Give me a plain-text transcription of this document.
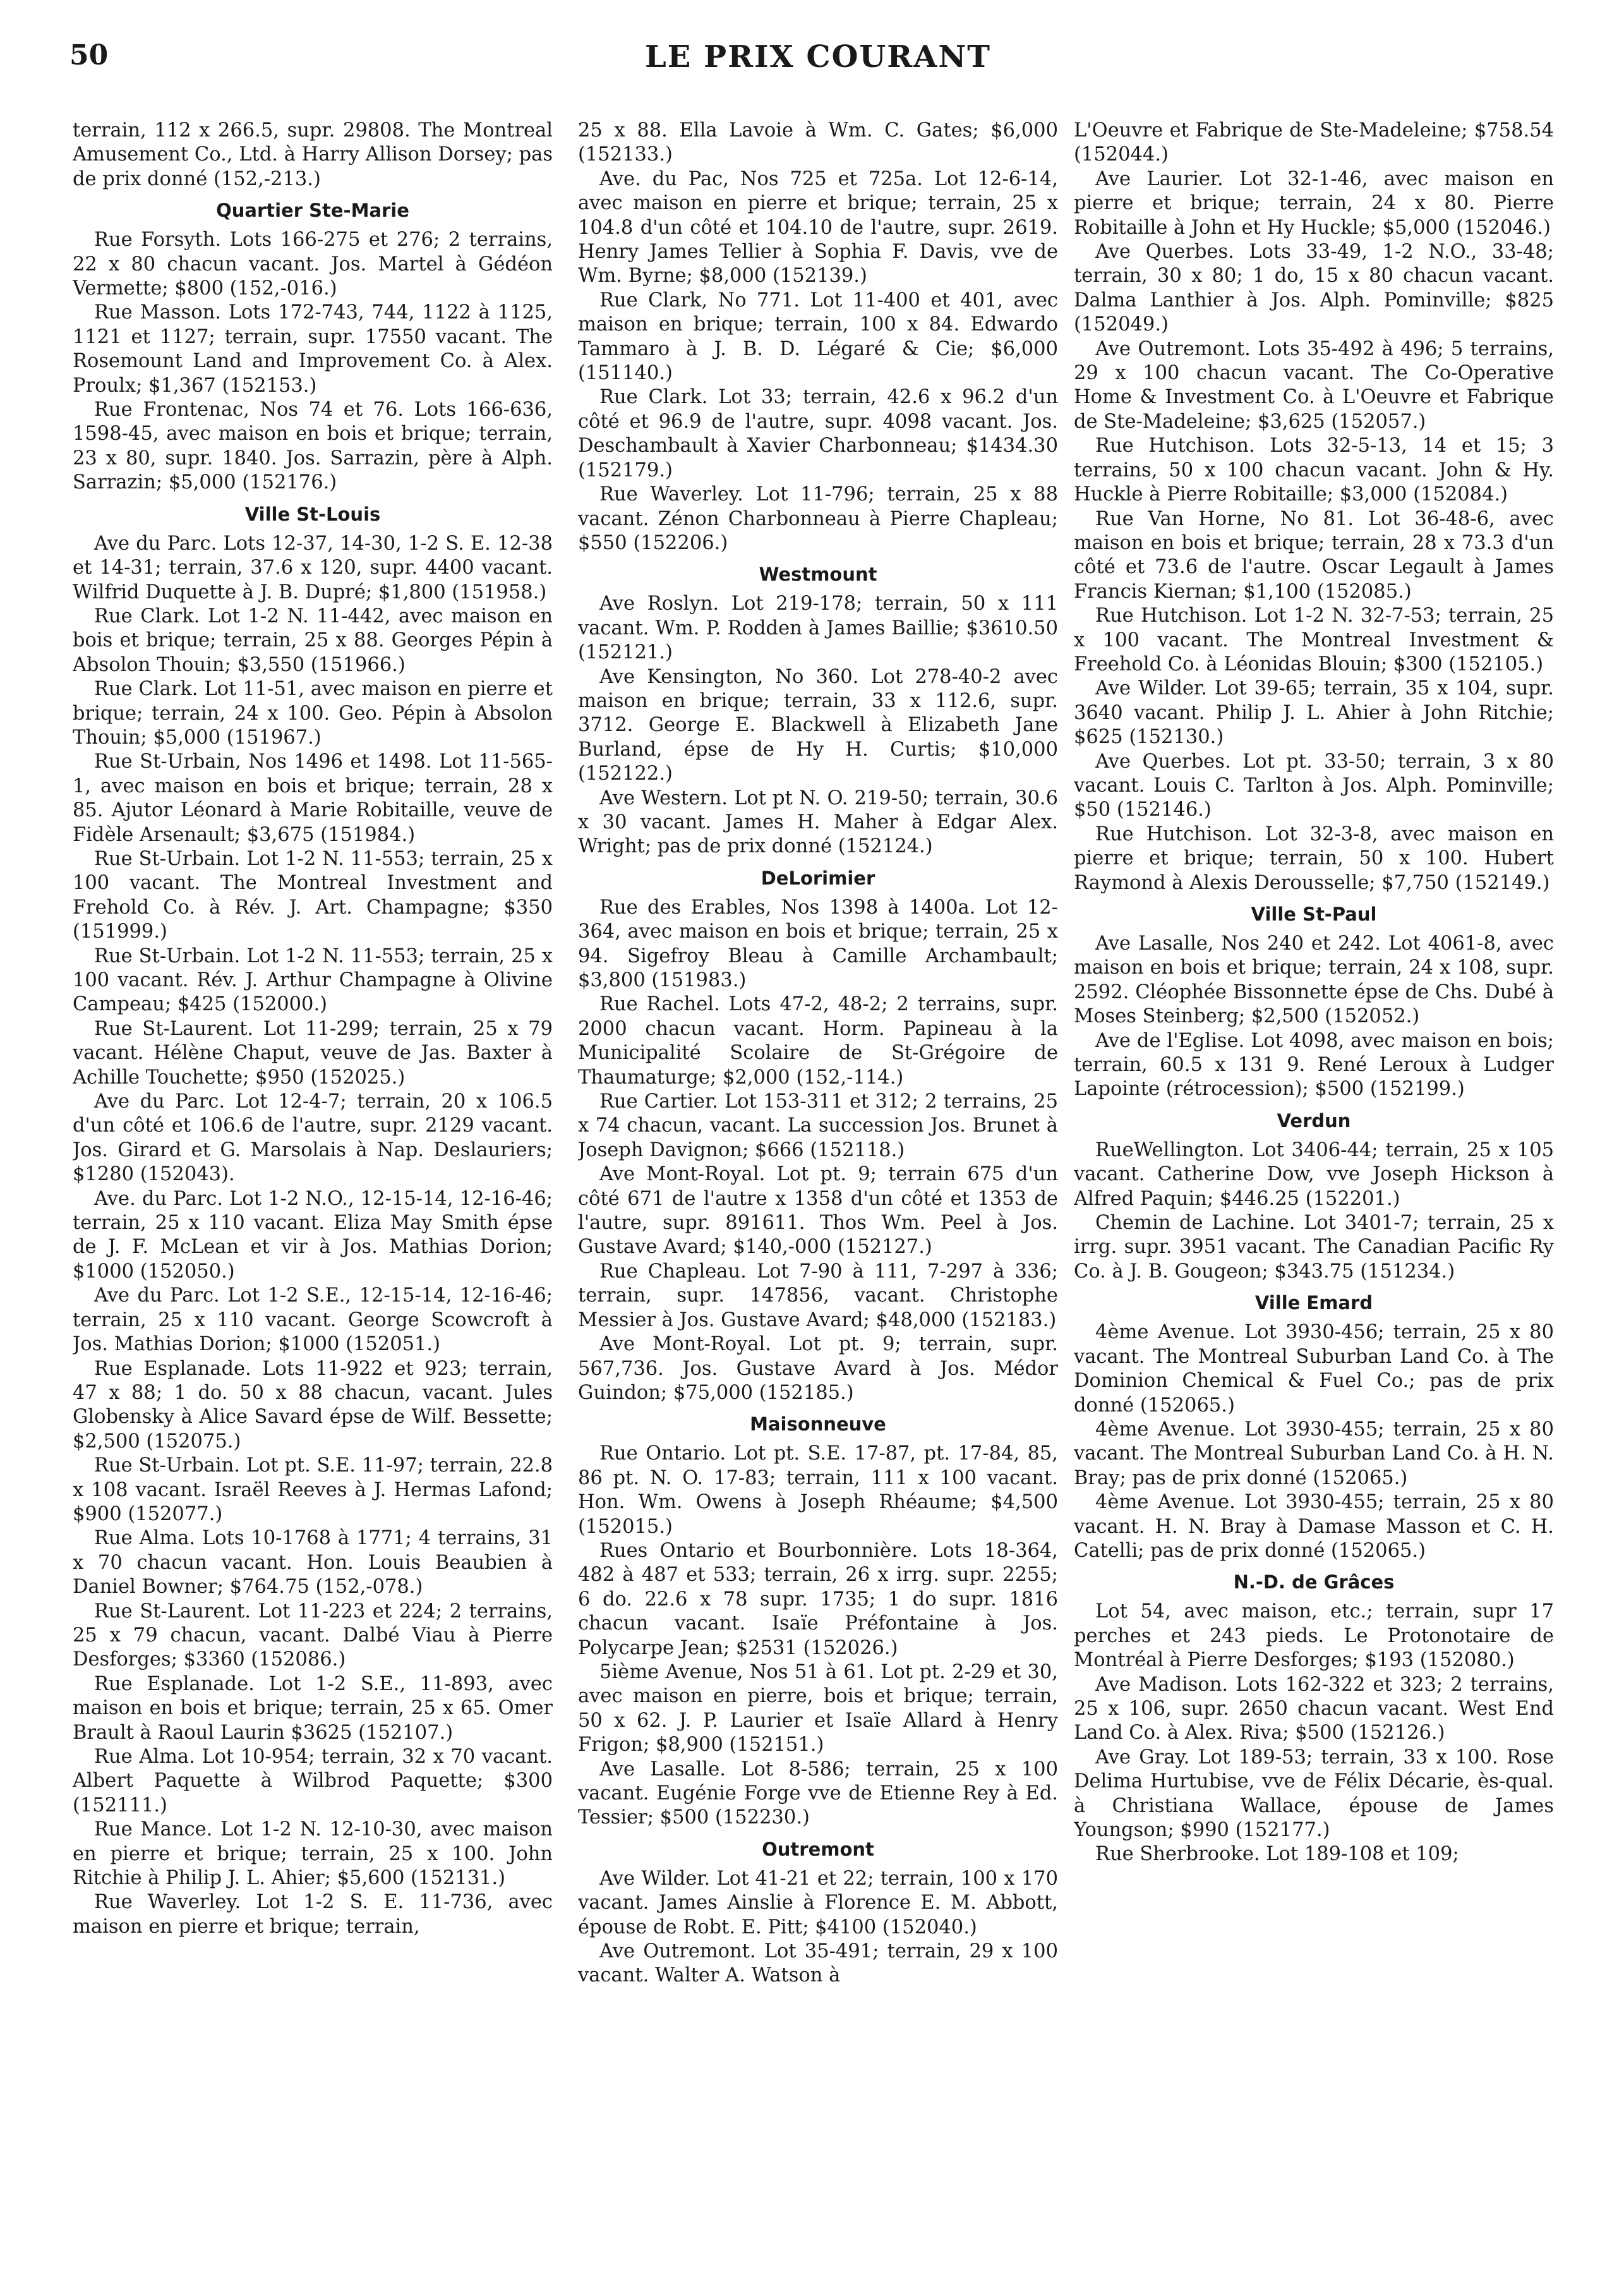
50	LE PRIX COURANT

terrain, 112 x 266.5, supr. 29808. The Montreal Amusement Co., Ltd. à Harry Allison Dorsey; pas de prix donné (152,-213.)

Quartier Ste-Marie

Rue Forsyth. Lots 166-275 et 276; 2 terrains, 22 x 80 chacun vacant. Jos. Martel à Gédéon Vermette; $800 (152,-016.)

Rue Masson. Lots 172-743, 744, 1122 à 1125, 1121 et 1127; terrain, supr. 17550 vacant. The Rosemount Land and Improvement Co. à Alex. Proulx; $1,367 (152153.)

Rue Frontenac, Nos 74 et 76. Lots 166-636, 1598-45, avec maison en bois et brique; terrain, 23 x 80, supr. 1840. Jos. Sarrazin, père à Alph. Sarrazin; $5,000 (152176.)

Ville St-Louis

Ave du Parc. Lots 12-37, 14-30, 1-2 S. E. 12-38 et 14-31; terrain, 37.6 x 120, supr. 4400 vacant. Wilfrid Duquette à J. B. Dupré; $1,800 (151958.)

Rue Clark. Lot 1-2 N. 11-442, avec maison en bois et brique; terrain, 25 x 88. Georges Pépin à Absolon Thouin; $3,550 (151966.)

Rue Clark. Lot 11-51, avec maison en pierre et brique; terrain, 24 x 100. Geo. Pépin à Absolon Thouin; $5,000 (151967.)

Rue St-Urbain, Nos 1496 et 1498. Lot 11-565-1, avec maison en bois et brique; terrain, 28 x 85. Ajutor Léonard à Marie Robitaille, veuve de Fidèle Arsenault; $3,675 (151984.)

Rue St-Urbain. Lot 1-2 N. 11-553; terrain, 25 x 100 vacant. The Montreal Investment and Frehold Co. à Rév. J. Art. Champagne; $350 (151999.)

Rue St-Urbain. Lot 1-2 N. 11-553; terrain, 25 x 100 vacant. Rév. J. Arthur Champagne à Olivine Campeau; $425 (152000.)

Rue St-Laurent. Lot 11-299; terrain, 25 x 79 vacant. Hélène Chaput, veuve de Jas. Baxter à Achille Touchette; $950 (152025.)

Ave du Parc. Lot 12-4-7; terrain, 20 x 106.5 d'un côté et 106.6 de l'autre, supr. 2129 vacant. Jos. Girard et G. Marsolais à Nap. Deslauriers; $1280 (152043).

Ave. du Parc. Lot 1-2 N.O., 12-15-14, 12-16-46; terrain, 25 x 110 vacant. Eliza May Smith épse de J. F. McLean et vir à Jos. Mathias Dorion; $1000 (152050.)

Ave du Parc. Lot 1-2 S.E., 12-15-14, 12-16-46; terrain, 25 x 110 vacant. George Scowcroft à Jos. Mathias Dorion; $1000 (152051.)

Rue Esplanade. Lots 11-922 et 923; terrain, 47 x 88; 1 do. 50 x 88 chacun, vacant. Jules Globensky à Alice Savard épse de Wilf. Bessette; $2,500 (152075.)

Rue St-Urbain. Lot pt. S.E. 11-97; terrain, 22.8 x 108 vacant. Israël Reeves à J. Hermas Lafond; $900 (152077.)

Rue Alma. Lots 10-1768 à 1771; 4 terrains, 31 x 70 chacun vacant. Hon. Louis Beaubien à Daniel Bowner; $764.75 (152,-078.)

Rue St-Laurent. Lot 11-223 et 224; 2 terrains, 25 x 79 chacun, vacant. Dalbé Viau à Pierre Desforges; $3360 (152086.)

Rue Esplanade. Lot 1-2 S.E., 11-893, avec maison en bois et brique; terrain, 25 x 65. Omer Brault à Raoul Laurin $3625 (152107.)

Rue Alma. Lot 10-954; terrain, 32 x 70 vacant. Albert Paquette à Wilbrod Paquette; $300 (152111.)

Rue Mance. Lot 1-2 N. 12-10-30, avec maison en pierre et brique; terrain, 25 x 100. John Ritchie à Philip J. L. Ahier; $5,600 (152131.)

Rue Waverley. Lot 1-2 S. E. 11-736, avec maison en pierre et brique; terrain,

25 x 88. Ella Lavoie à Wm. C. Gates; $6,000 (152133.)

Ave. du Pac, Nos 725 et 725a. Lot 12-6-14, avec maison en pierre et brique; terrain, 25 x 104.8 d'un côté et 104.10 de l'autre, supr. 2619. Henry James Tellier à Sophia F. Davis, vve de Wm. Byrne; $8,000 (152139.)

Rue Clark, No 771. Lot 11-400 et 401, avec maison en brique; terrain, 100 x 84. Edwardo Tammaro à J. B. D. Légaré & Cie; $6,000 (151140.)

Rue Clark. Lot 33; terrain, 42.6 x 96.2 d'un côté et 96.9 de l'autre, supr. 4098 vacant. Jos. Deschambault à Xavier Charbonneau; $1434.30 (152179.)

Rue Waverley. Lot 11-796; terrain, 25 x 88 vacant. Zénon Charbonneau à Pierre Chapleau; $550 (152206.)

Westmount

Ave Roslyn. Lot 219-178; terrain, 50 x 111 vacant. Wm. P. Rodden à James Baillie; $3610.50 (152121.)

Ave Kensington, No 360. Lot 278-40-2 avec maison en brique; terrain, 33 x 112.6, supr. 3712. George E. Blackwell à Elizabeth Jane Burland, épse de Hy H. Curtis; $10,000 (152122.)

Ave Western. Lot pt N. O. 219-50; terrain, 30.6 x 30 vacant. James H. Maher à Edgar Alex. Wright; pas de prix donné (152124.)

DeLorimier

Rue des Erables, Nos 1398 à 1400a. Lot 12-364, avec maison en bois et brique; terrain, 25 x 94. Sigefroy Bleau à Camille Archambault; $3,800 (151983.)

Rue Rachel. Lots 47-2, 48-2; 2 terrains, supr. 2000 chacun vacant. Horm. Papineau à la Municipalité Scolaire de St-Grégoire de Thaumaturge; $2,000 (152,-114.)

Rue Cartier. Lot 153-311 et 312; 2 terrains, 25 x 74 chacun, vacant. La succession Jos. Brunet à Joseph Davignon; $666 (152118.)

Ave Mont-Royal. Lot pt. 9; terrain 675 d'un côté 671 de l'autre x 1358 d'un côté et 1353 de l'autre, supr. 891611. Thos Wm. Peel à Jos. Gustave Avard; $140,-000 (152127.)

Rue Chapleau. Lot 7-90 à 111, 7-297 à 336; terrain, supr. 147856, vacant. Christophe Messier à Jos. Gustave Avard; $48,000 (152183.)

Ave Mont-Royal. Lot pt. 9; terrain, supr. 567,736. Jos. Gustave Avard à Jos. Médor Guindon; $75,000 (152185.)

Maisonneuve

Rue Ontario. Lot pt. S.E. 17-87, pt. 17-84, 85, 86 pt. N. O. 17-83; terrain, 111 x 100 vacant. Hon. Wm. Owens à Joseph Rhéaume; $4,500 (152015.)

Rues Ontario et Bourbonnière. Lots 18-364, 482 à 487 et 533; terrain, 26 x irrg. supr. 2255; 6 do. 22.6 x 78 supr. 1735; 1 do supr. 1816 chacun vacant. Isaïe Préfontaine à Jos. Polycarpe Jean; $2531 (152026.)

5ième Avenue, Nos 51 à 61. Lot pt. 2-29 et 30, avec maison en pierre, bois et brique; terrain, 50 x 62. J. P. Laurier et Isaïe Allard à Henry Frigon; $8,900 (152151.)

Ave Lasalle. Lot 8-586; terrain, 25 x 100 vacant. Eugénie Forge vve de Etienne Rey à Ed. Tessier; $500 (152230.)

Outremont

Ave Wilder. Lot 41-21 et 22; terrain, 100 x 170 vacant. James Ainslie à Florence E. M. Abbott, épouse de Robt. E. Pitt; $4100 (152040.)

Ave Outremont. Lot 35-491; terrain, 29 x 100 vacant. Walter A. Watson à

L'Oeuvre et Fabrique de Ste-Madeleine; $758.54 (152044.)

Ave Laurier. Lot 32-1-46, avec maison en pierre et brique; terrain, 24 x 80. Pierre Robitaille à John et Hy Huckle; $5,000 (152046.)

Ave Querbes. Lots 33-49, 1-2 N.O., 33-48; terrain, 30 x 80; 1 do, 15 x 80 chacun vacant. Dalma Lanthier à Jos. Alph. Pominville; $825 (152049.)

Ave Outremont. Lots 35-492 à 496; 5 terrains, 29 x 100 chacun vacant. The Co-Operative Home & Investment Co. à L'Oeuvre et Fabrique de Ste-Madeleine; $3,625 (152057.)

Rue Hutchison. Lots 32-5-13, 14 et 15; 3 terrains, 50 x 100 chacun vacant. John & Hy. Huckle à Pierre Robitaille; $3,000 (152084.)

Rue Van Horne, No 81. Lot 36-48-6, avec maison en bois et brique; terrain, 28 x 73.3 d'un côté et 73.6 de l'autre. Oscar Legault à James Francis Kiernan; $1,100 (152085.)

Rue Hutchison. Lot 1-2 N. 32-7-53; terrain, 25 x 100 vacant. The Montreal Investment & Freehold Co. à Léonidas Blouin; $300 (152105.)

Ave Wilder. Lot 39-65; terrain, 35 x 104, supr. 3640 vacant. Philip J. L. Ahier à John Ritchie; $625 (152130.)

Ave Querbes. Lot pt. 33-50; terrain, 3 x 80 vacant. Louis C. Tarlton à Jos. Alph. Pominville; $50 (152146.)

Rue Hutchison. Lot 32-3-8, avec maison en pierre et brique; terrain, 50 x 100. Hubert Raymond à Alexis Derousselle; $7,750 (152149.)

Ville St-Paul

Ave Lasalle, Nos 240 et 242. Lot 4061-8, avec maison en bois et brique; terrain, 24 x 108, supr. 2592. Cléophée Bissonnette épse de Chs. Dubé à Moses Steinberg; $2,500 (152052.)

Ave de l'Eglise. Lot 4098, avec maison en bois; terrain, 60.5 x 131 9. René Leroux à Ludger Lapointe (rétrocession); $500 (152199.)

Verdun

RueWellington. Lot 3406-44; terrain, 25 x 105 vacant. Catherine Dow, vve Joseph Hickson à Alfred Paquin; $446.25 (152201.)

Chemin de Lachine. Lot 3401-7; terrain, 25 x irrg. supr. 3951 vacant. The Canadian Pacific Ry Co. à J. B. Gougeon; $343.75 (151234.)

Ville Emard

4ème Avenue. Lot 3930-456; terrain, 25 x 80 vacant. The Montreal Suburban Land Co. à The Dominion Chemical & Fuel Co.; pas de prix donné (152065.)

4ème Avenue. Lot 3930-455; terrain, 25 x 80 vacant. The Montreal Suburban Land Co. à H. N. Bray; pas de prix donné (152065.)

4ème Avenue. Lot 3930-455; terrain, 25 x 80 vacant. H. N. Bray à Damase Masson et C. H. Catelli; pas de prix donné (152065.)

N.-D. de Grâces

Lot 54, avec maison, etc.; terrain, supr 17 perches et 243 pieds. Le Protonotaire de Montréal à Pierre Desforges; $193 (152080.)

Ave Madison. Lots 162-322 et 323; 2 terrains, 25 x 106, supr. 2650 chacun vacant. West End Land Co. à Alex. Riva; $500 (152126.)

Ave Gray. Lot 189-53; terrain, 33 x 100. Rose Delima Hurtubise, vve de Félix Décarie, ès-qual. à Christiana Wallace, épouse de James Youngson; $990 (152177.)

Rue Sherbrooke. Lot 189-108 et 109;
